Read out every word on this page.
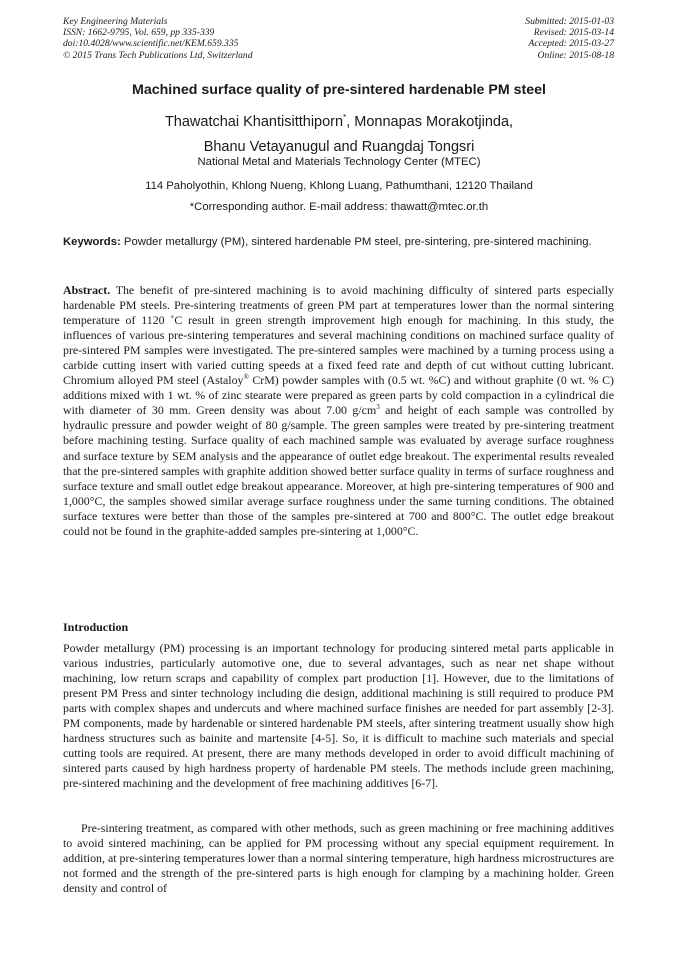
Key Engineering Materials
ISSN: 1662-9795, Vol. 659, pp 335-339
doi:10.4028/www.scientific.net/KEM.659.335
© 2015 Trans Tech Publications Ltd, Switzerland
Submitted: 2015-01-03
Revised: 2015-03-14
Accepted: 2015-03-27
Online: 2015-08-18
Machined surface quality of pre-sintered hardenable PM steel
Thawatchai Khantisitthiporn*, Monnapas Morakotjinda,
Bhanu Vetayanugul and Ruangdaj Tongsri
National Metal and Materials Technology Center (MTEC)
114 Paholyothin, Khlong Nueng, Khlong Luang, Pathumthani, 12120 Thailand
*Corresponding author. E-mail address: thawatt@mtec.or.th
Keywords: Powder metallurgy (PM), sintered hardenable PM steel, pre-sintering, pre-sintered machining.
Abstract. The benefit of pre-sintered machining is to avoid machining difficulty of sintered parts especially hardenable PM steels. Pre-sintering treatments of green PM part at temperatures lower than the normal sintering temperature of 1120 ˚C result in green strength improvement high enough for machining. In this study, the influences of various pre-sintering temperatures and several machining conditions on machined surface quality of pre-sintered PM samples were investigated. The pre-sintered samples were machined by a turning process using a carbide cutting insert with varied cutting speeds at a fixed feed rate and depth of cut without cutting lubricant. Chromium alloyed PM steel (Astaloy® CrM) powder samples with (0.5 wt. %C) and without graphite (0 wt. % C) additions mixed with 1 wt. % of zinc stearate were prepared as green parts by cold compaction in a cylindrical die with diameter of 30 mm. Green density was about 7.00 $g/cm^3$ and height of each sample was controlled by hydraulic pressure and powder weight of 80 g/sample. The green samples were treated by pre-sintering treatment before machining testing. Surface quality of each machined sample was evaluated by average surface roughness and surface texture by SEM analysis and the appearance of outlet edge breakout. The experimental results revealed that the pre-sintered samples with graphite addition showed better surface quality in terms of surface roughness and surface texture and small outlet edge breakout appearance. Moreover, at high pre-sintering temperatures of 900 and 1,000°C, the samples showed similar average surface roughness under the same turning conditions. The obtained surface textures were better than those of the samples pre-sintered at 700 and 800°C. The outlet edge breakout could not be found in the graphite-added samples pre-sintering at 1,000°C.
Introduction
Powder metallurgy (PM) processing is an important technology for producing sintered metal parts applicable in various industries, particularly automotive one, due to several advantages, such as near net shape without machining, low return scraps and capability of complex part production [1]. However, due to the limitations of present PM Press and sinter technology including die design, additional machining is still required to produce PM parts with complex shapes and undercuts and where machined surface finishes are needed for part assembly [2-3]. PM components, made by hardenable or sintered hardenable PM steels, after sintering treatment usually show high hardness structures such as bainite and martensite [4-5]. So, it is difficult to machine such materials and special cutting tools are required. At present, there are many methods developed in order to avoid difficult machining of sintered parts caused by high hardness property of hardenable PM steels. The methods include green machining, pre-sintered machining and the development of free machining additives [6-7].
Pre-sintering treatment, as compared with other methods, such as green machining or free machining additives to avoid sintered machining, can be applied for PM processing without any special equipment requirement. In addition, at pre-sintering temperatures lower than a normal sintering temperature, high hardness microstructures are not formed and the strength of the pre-sintered parts is high enough for clamping by a machining holder. Green density and control of
